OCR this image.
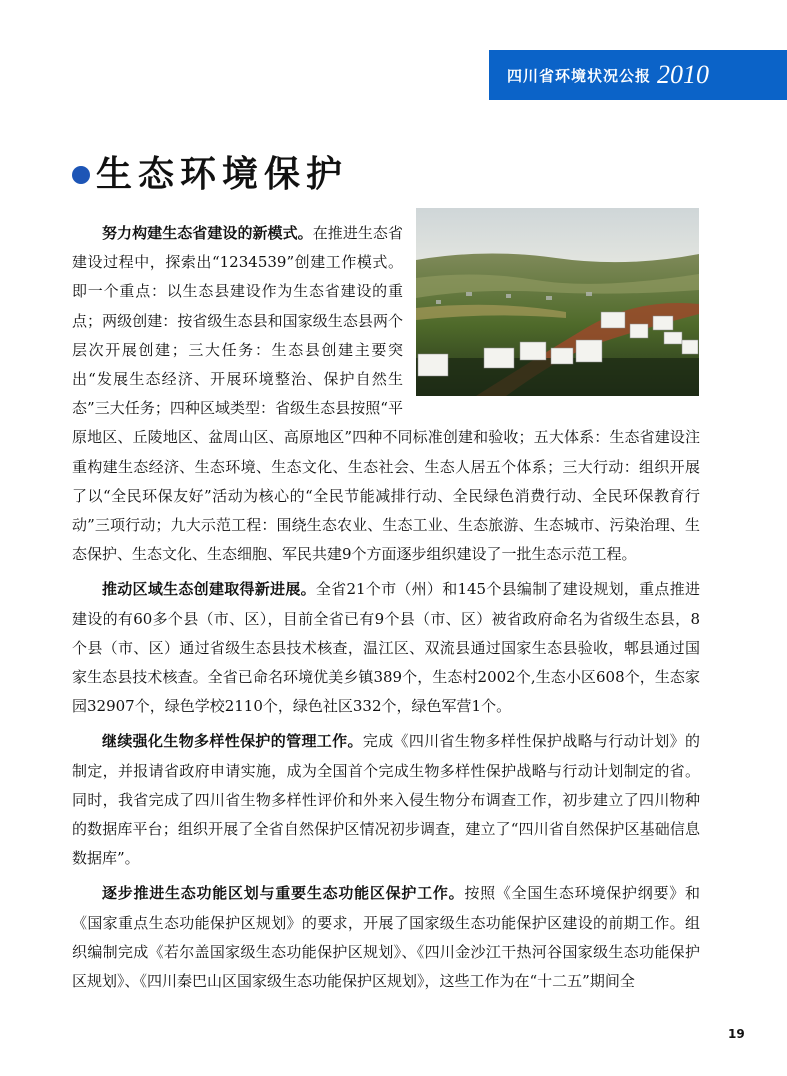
四川省环境状况公报 2010
生态环境保护

努力构建生态省建设的新模式。在推进生态省建设过程中，探索出“1234539”创建工作模式。即一个重点：以生态县建设作为生态省建设的重点；两级创建：按省级生态县和国家级生态县两个层次开展创建；三大任务：生态县创建主要突出“发展生态经济、开展环境整治、保护自然生态”三大任务；四种区域类型：省级生态县按照“平原地区、丘陵地区、盆周山区、高原地区”四种不同标准创建和验收；五大体系：生态省建设注重构建生态经济、生态环境、生态文化、生态社会、生态人居五个体系；三大行动：组织开展了以“全民环保友好”活动为核心的“全民节能减排行动、全民绿色消费行动、全民环保教育行动”三项行动；九大示范工程：围绕生态农业、生态工业、生态旅游、生态城市、污染治理、生态保护、生态文化、生态细胞、军民共建9个方面逐步组织建设了一批生态示范工程。

推动区域生态创建取得新进展。全省21个市（州）和145个县编制了建设规划，重点推进建设的有60多个县（市、区），目前全省已有9个县（市、区）被省政府命名为省级生态县，8个县（市、区）通过省级生态县技术核查，温江区、双流县通过国家生态县验收，郫县通过国家生态县技术核查。全省已命名环境优美乡镇389个，生态村2002个,生态小区608个，生态家园32907个，绿色学校2110个，绿色社区332个，绿色军营1个。

继续强化生物多样性保护的管理工作。完成《四川省生物多样性保护战略与行动计划》的制定，并报请省政府申请实施，成为全国首个完成生物多样性保护战略与行动计划制定的省。同时，我省完成了四川省生物多样性评价和外来入侵生物分布调查工作，初步建立了四川物种的数据库平台；组织开展了全省自然保护区情况初步调查，建立了“四川省自然保护区基础信息数据库”。

逐步推进生态功能区划与重要生态功能区保护工作。按照《全国生态环境保护纲要》和《国家重点生态功能保护区规划》的要求，开展了国家级生态功能保护区建设的前期工作。组织编制完成《若尔盖国家级生态功能保护区规划》、《四川金沙江干热河谷国家级生态功能保护区规划》、《四川秦巴山区国家级生态功能保护区规划》，这些工作为在“十二五”期间全

19
